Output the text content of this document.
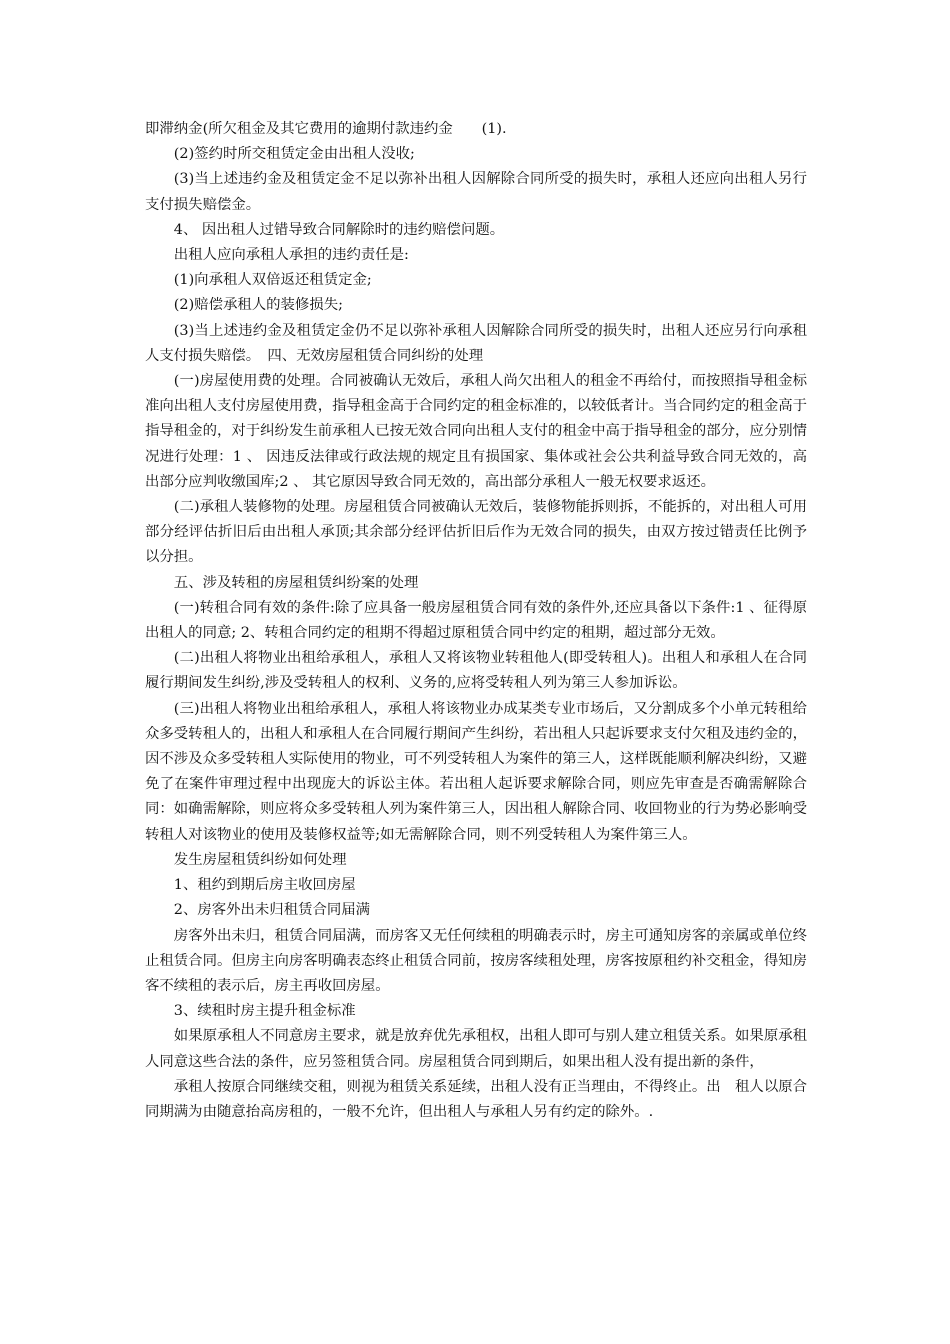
即滞纳金(所欠租金及其它费用的逾期付款违约金　　(1).

(2)签约时所交租赁定金由出租人没收;

(3)当上述违约金及租赁定金不足以弥补出租人因解除合同所受的损失时，承租人还应向出租人另行支付损失赔偿金。

4、 因出租人过错导致合同解除时的违约赔偿问题。

出租人应向承租人承担的违约责任是:

(1)向承租人双倍返还租赁定金;

(2)赔偿承租人的装修损失;

(3)当上述违约金及租赁定金仍不足以弥补承租人因解除合同所受的损失时，出租人还应另行向承租人支付损失赔偿。　四、无效房屋租赁合同纠纷的处理

(一)房屋使用费的处理。合同被确认无效后，承租人尚欠出租人的租金不再给付，而按照指导租金标准向出租人支付房屋使用费，指导租金高于合同约定的租金标准的，以较低者计。当合同约定的租金高于指导租金的，对于纠纷发生前承租人已按无效合同向出租人支付的租金中高于指导租金的部分，应分别情况进行处理：1 、 因违反法律或行政法规的规定且有损国家、集体或社会公共利益导致合同无效的，高出部分应判收缴国库;2 、 其它原因导致合同无效的，高出部分承租人一般无权要求返还。

(二)承租人装修物的处理。房屋租赁合同被确认无效后，装修物能拆则拆，不能拆的，对出租人可用部分经评估折旧后由出租人承顶;其余部分经评估折旧后作为无效合同的损失，由双方按过错责任比例予以分担。

五、涉及转租的房屋租赁纠纷案的处理

(一)转租合同有效的条件:除了应具备一般房屋租赁合同有效的条件外,还应具备以下条件:1 、征得原出租人的同意; 2、转租合同约定的租期不得超过原租赁合同中约定的租期，超过部分无效。

(二)出租人将物业出租给承租人，承租人又将该物业转租他人(即受转租人)。出租人和承租人在合同履行期间发生纠纷,涉及受转租人的权利、义务的,应将受转租人列为第三人参加诉讼。

(三)出租人将物业出租给承租人，承租人将该物业办成某类专业市场后，又分割成多个小单元转租给众多受转租人的，出租人和承租人在合同履行期间产生纠纷，若出租人只起诉要求支付欠租及违约金的，因不涉及众多受转租人实际使用的物业，可不列受转租人为案件的第三人，这样既能顺利解决纠纷，又避免了在案件审理过程中出现庞大的诉讼主体。若出租人起诉要求解除合同，则应先审查是否确需解除合同：如确需解除，则应将众多受转租人列为案件第三人，因出租人解除合同、收回物业的行为势必影响受转租人对该物业的使用及装修权益等;如无需解除合同，则不列受转租人为案件第三人。

发生房屋租赁纠纷如何处理

1、租约到期后房主收回房屋

2、房客外出未归租赁合同届满

房客外出未归，租赁合同届满，而房客又无任何续租的明确表示时，房主可通知房客的亲属或单位终止租赁合同。但房主向房客明确表态终止租赁合同前，按房客续租处理，房客按原租约补交租金，得知房客不续租的表示后，房主再收回房屋。

3、续租时房主提升租金标准

如果原承租人不同意房主要求，就是放弃优先承租权，出租人即可与别人建立租赁关系。如果原承租人同意这些合法的条件，应另签租赁合同。房屋租赁合同到期后，如果出租人没有提出新的条件，

承租人按原合同继续交租，则视为租赁关系延续，出租人没有正当理由，不得终止。出　租人以原合同期满为由随意抬高房租的，一般不允许，但出租人与承租人另有约定的除外。.
